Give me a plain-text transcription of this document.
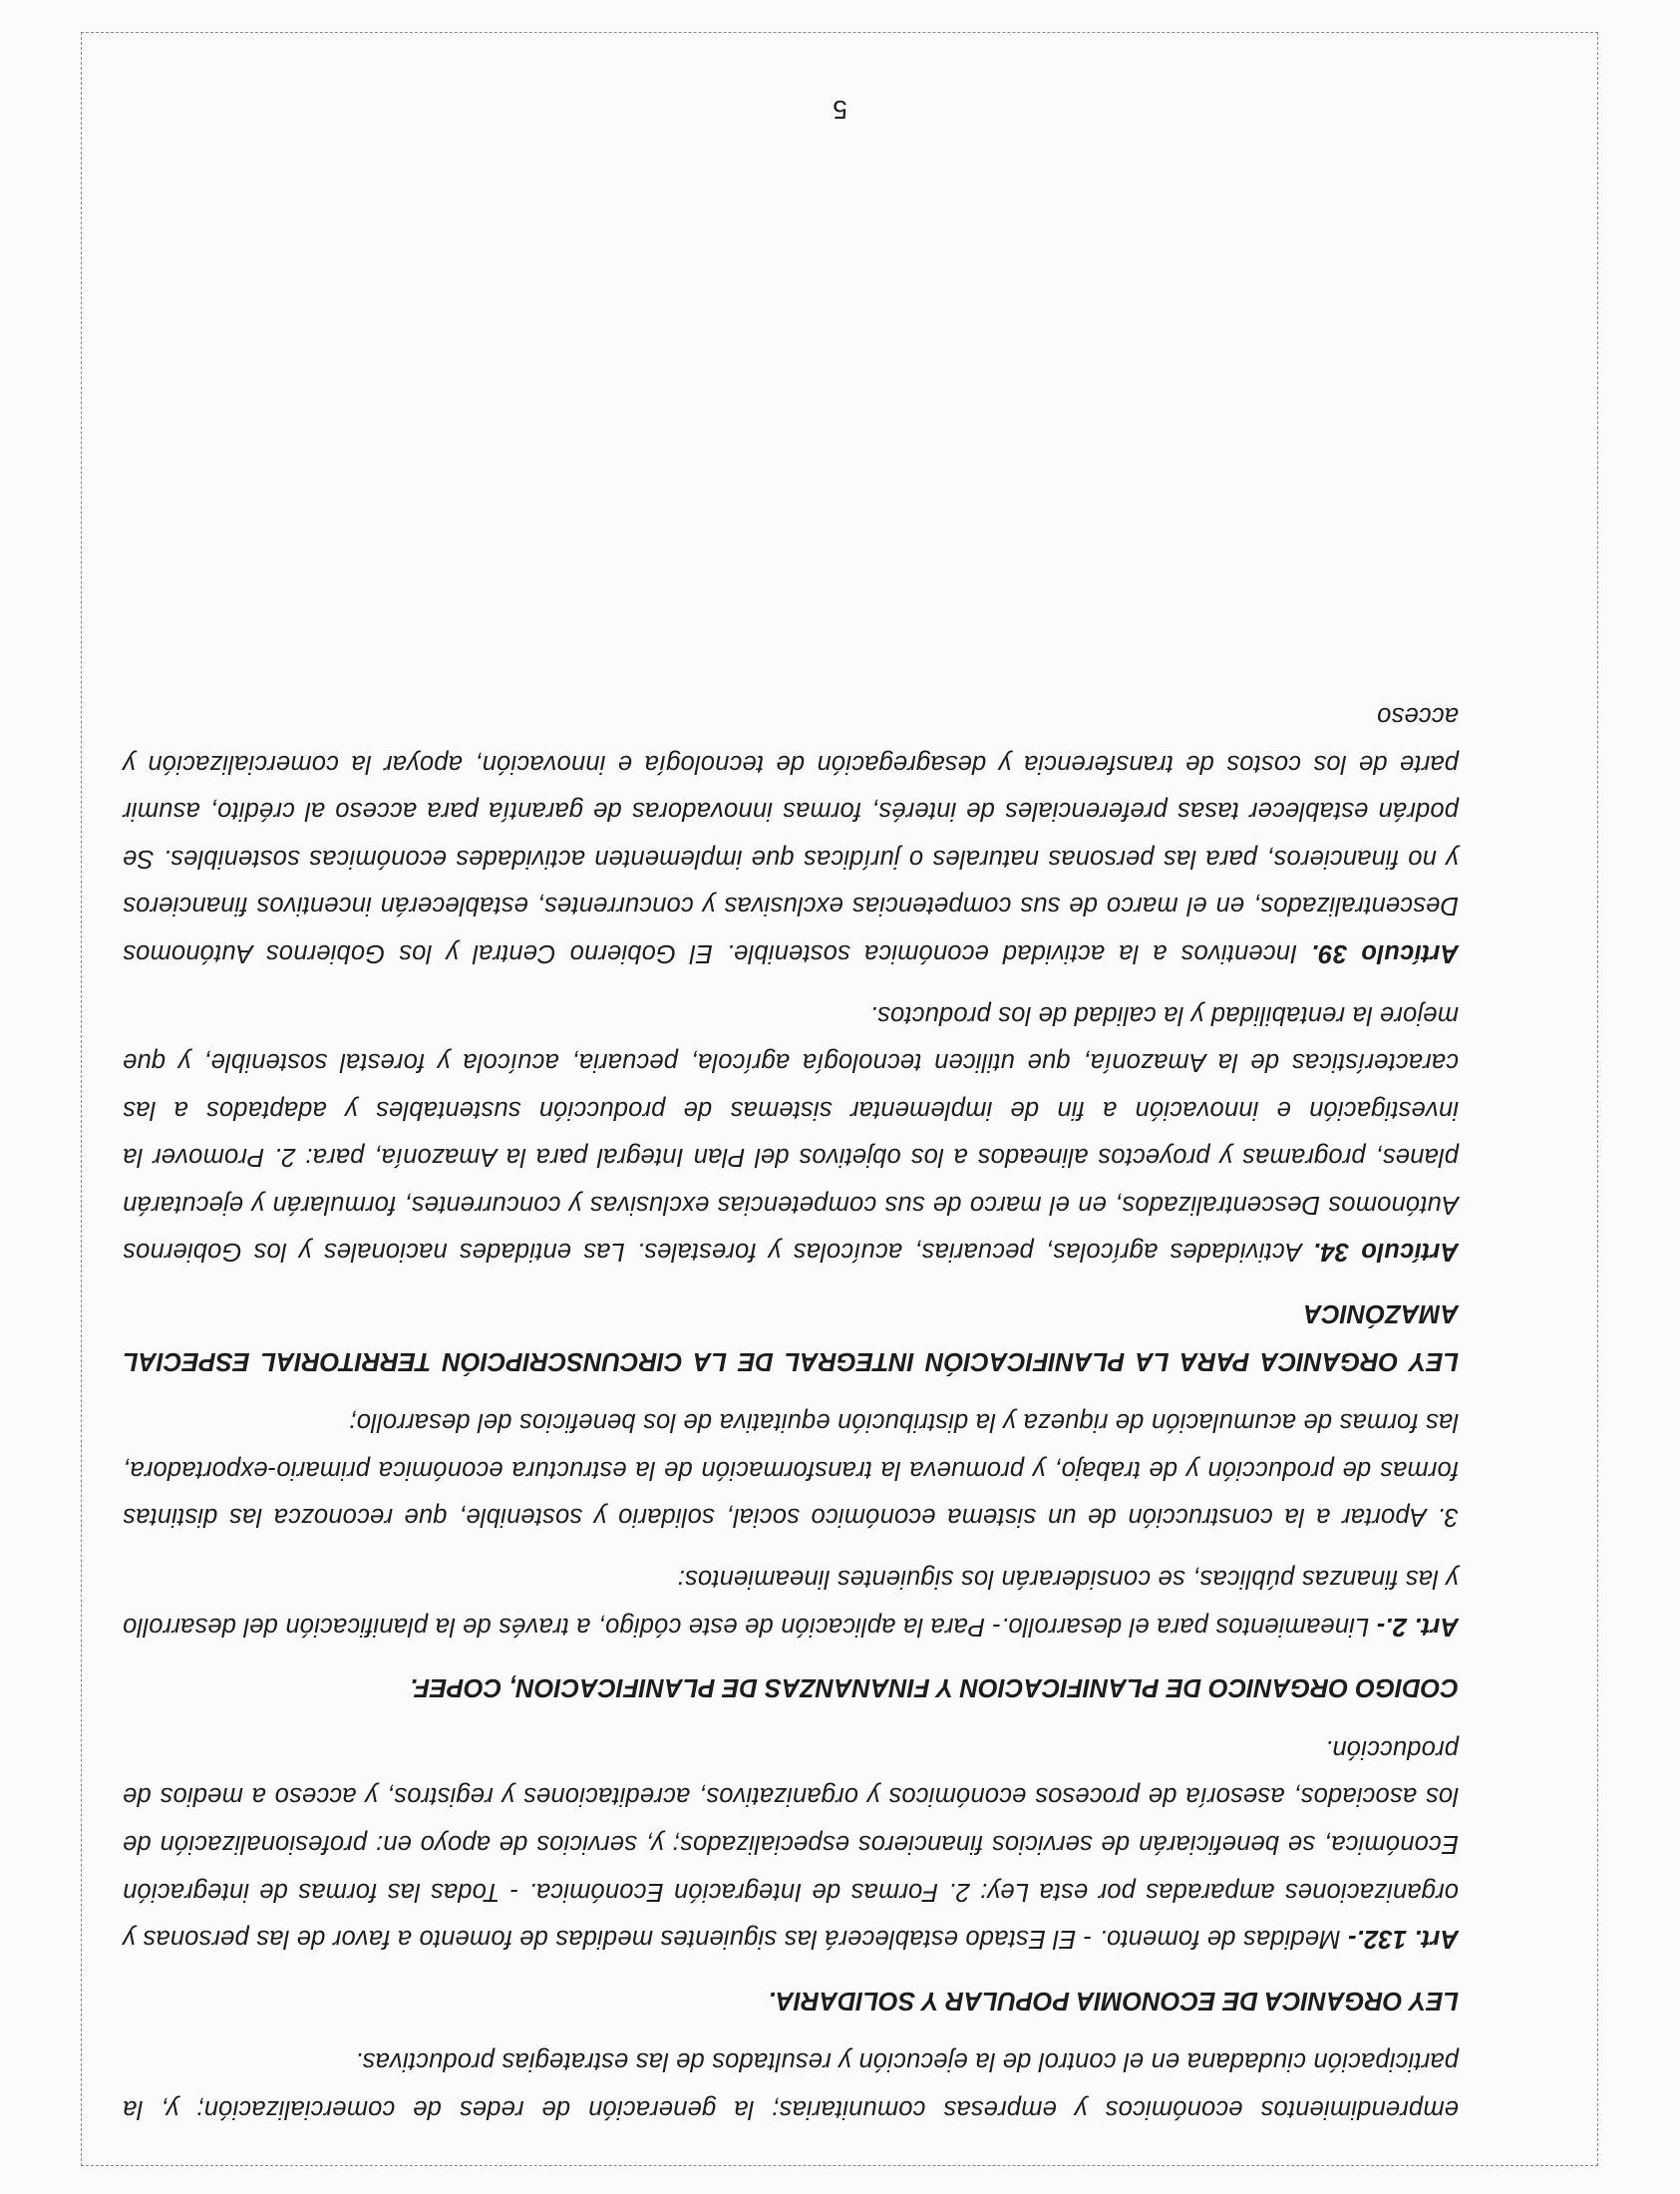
emprendimientos económicos y empresas comunitarias; la generación de redes de comercialización; y, la participación ciudadana en el control de la ejecución y resultados de las estrategias productivas.

LEY ORGANICA DE ECONOMIA POPULAR Y SOLIDARIA.

Art. 132.- Medidas de fomento. - El Estado establecerá las siguientes medidas de fomento a favor de las personas y organizaciones amparadas por esta Ley: 2. Formas de Integración Económica. - Todas las formas de integración Económica, se beneficiarán de servicios financieros especializados; y, servicios de apoyo en: profesionalización de los asociados, asesoría de procesos económicos y organizativos, acreditaciones y registros, y acceso a medios de producción.

CODIGO ORGANICO DE PLANIFICACION Y FINANANZAS DE PLANIFICACION, COPEF.

Art. 2.- Lineamientos para el desarrollo.- Para la aplicación de este código, a través de la planificación del desarrollo y las finanzas públicas, se considerarán los siguientes lineamientos:

3. Aportar a la construcción de un sistema económico social, solidario y sostenible, que reconozca las distintas formas de producción y de trabajo, y promueva la transformación de la estructura económica primario-exportadora, las formas de acumulación de riqueza y la distribución equitativa de los beneficios del desarrollo;

LEY ORGANICA PARA LA PLANIFICACIÓN INTEGRAL DE LA CIRCUNSCRIPCIÓN TERRITORIAL ESPECIAL AMAZÓNICA

Artículo 34. Actividades agrícolas, pecuarias, acuícolas y forestales. Las entidades nacionales y los Gobiernos Autónomos Descentralizados, en el marco de sus competencias exclusivas y concurrentes, formularán y ejecutarán planes, programas y proyectos alineados a los objetivos del Plan Integral para la Amazonía, para: 2. Promover la investigación e innovación a fin de implementar sistemas de producción sustentables y adaptados a las características de la Amazonía, que utilicen tecnología agrícola, pecuaria, acuícola y forestal sostenible, y que mejore la rentabilidad y la calidad de los productos.

Artículo 39. Incentivos a la actividad económica sostenible. El Gobierno Central y los Gobiernos Autónomos Descentralizados, en el marco de sus competencias exclusivas y concurrentes, establecerán incentivos financieros y no financieros, para las personas naturales o jurídicas que implementen actividades económicas sostenibles. Se podrán establecer tasas preferenciales de interés, formas innovadoras de garantía para acceso al crédito, asumir parte de los costos de transferencia y desagregación de tecnología e innovación, apoyar la comercialización y acceso

5
